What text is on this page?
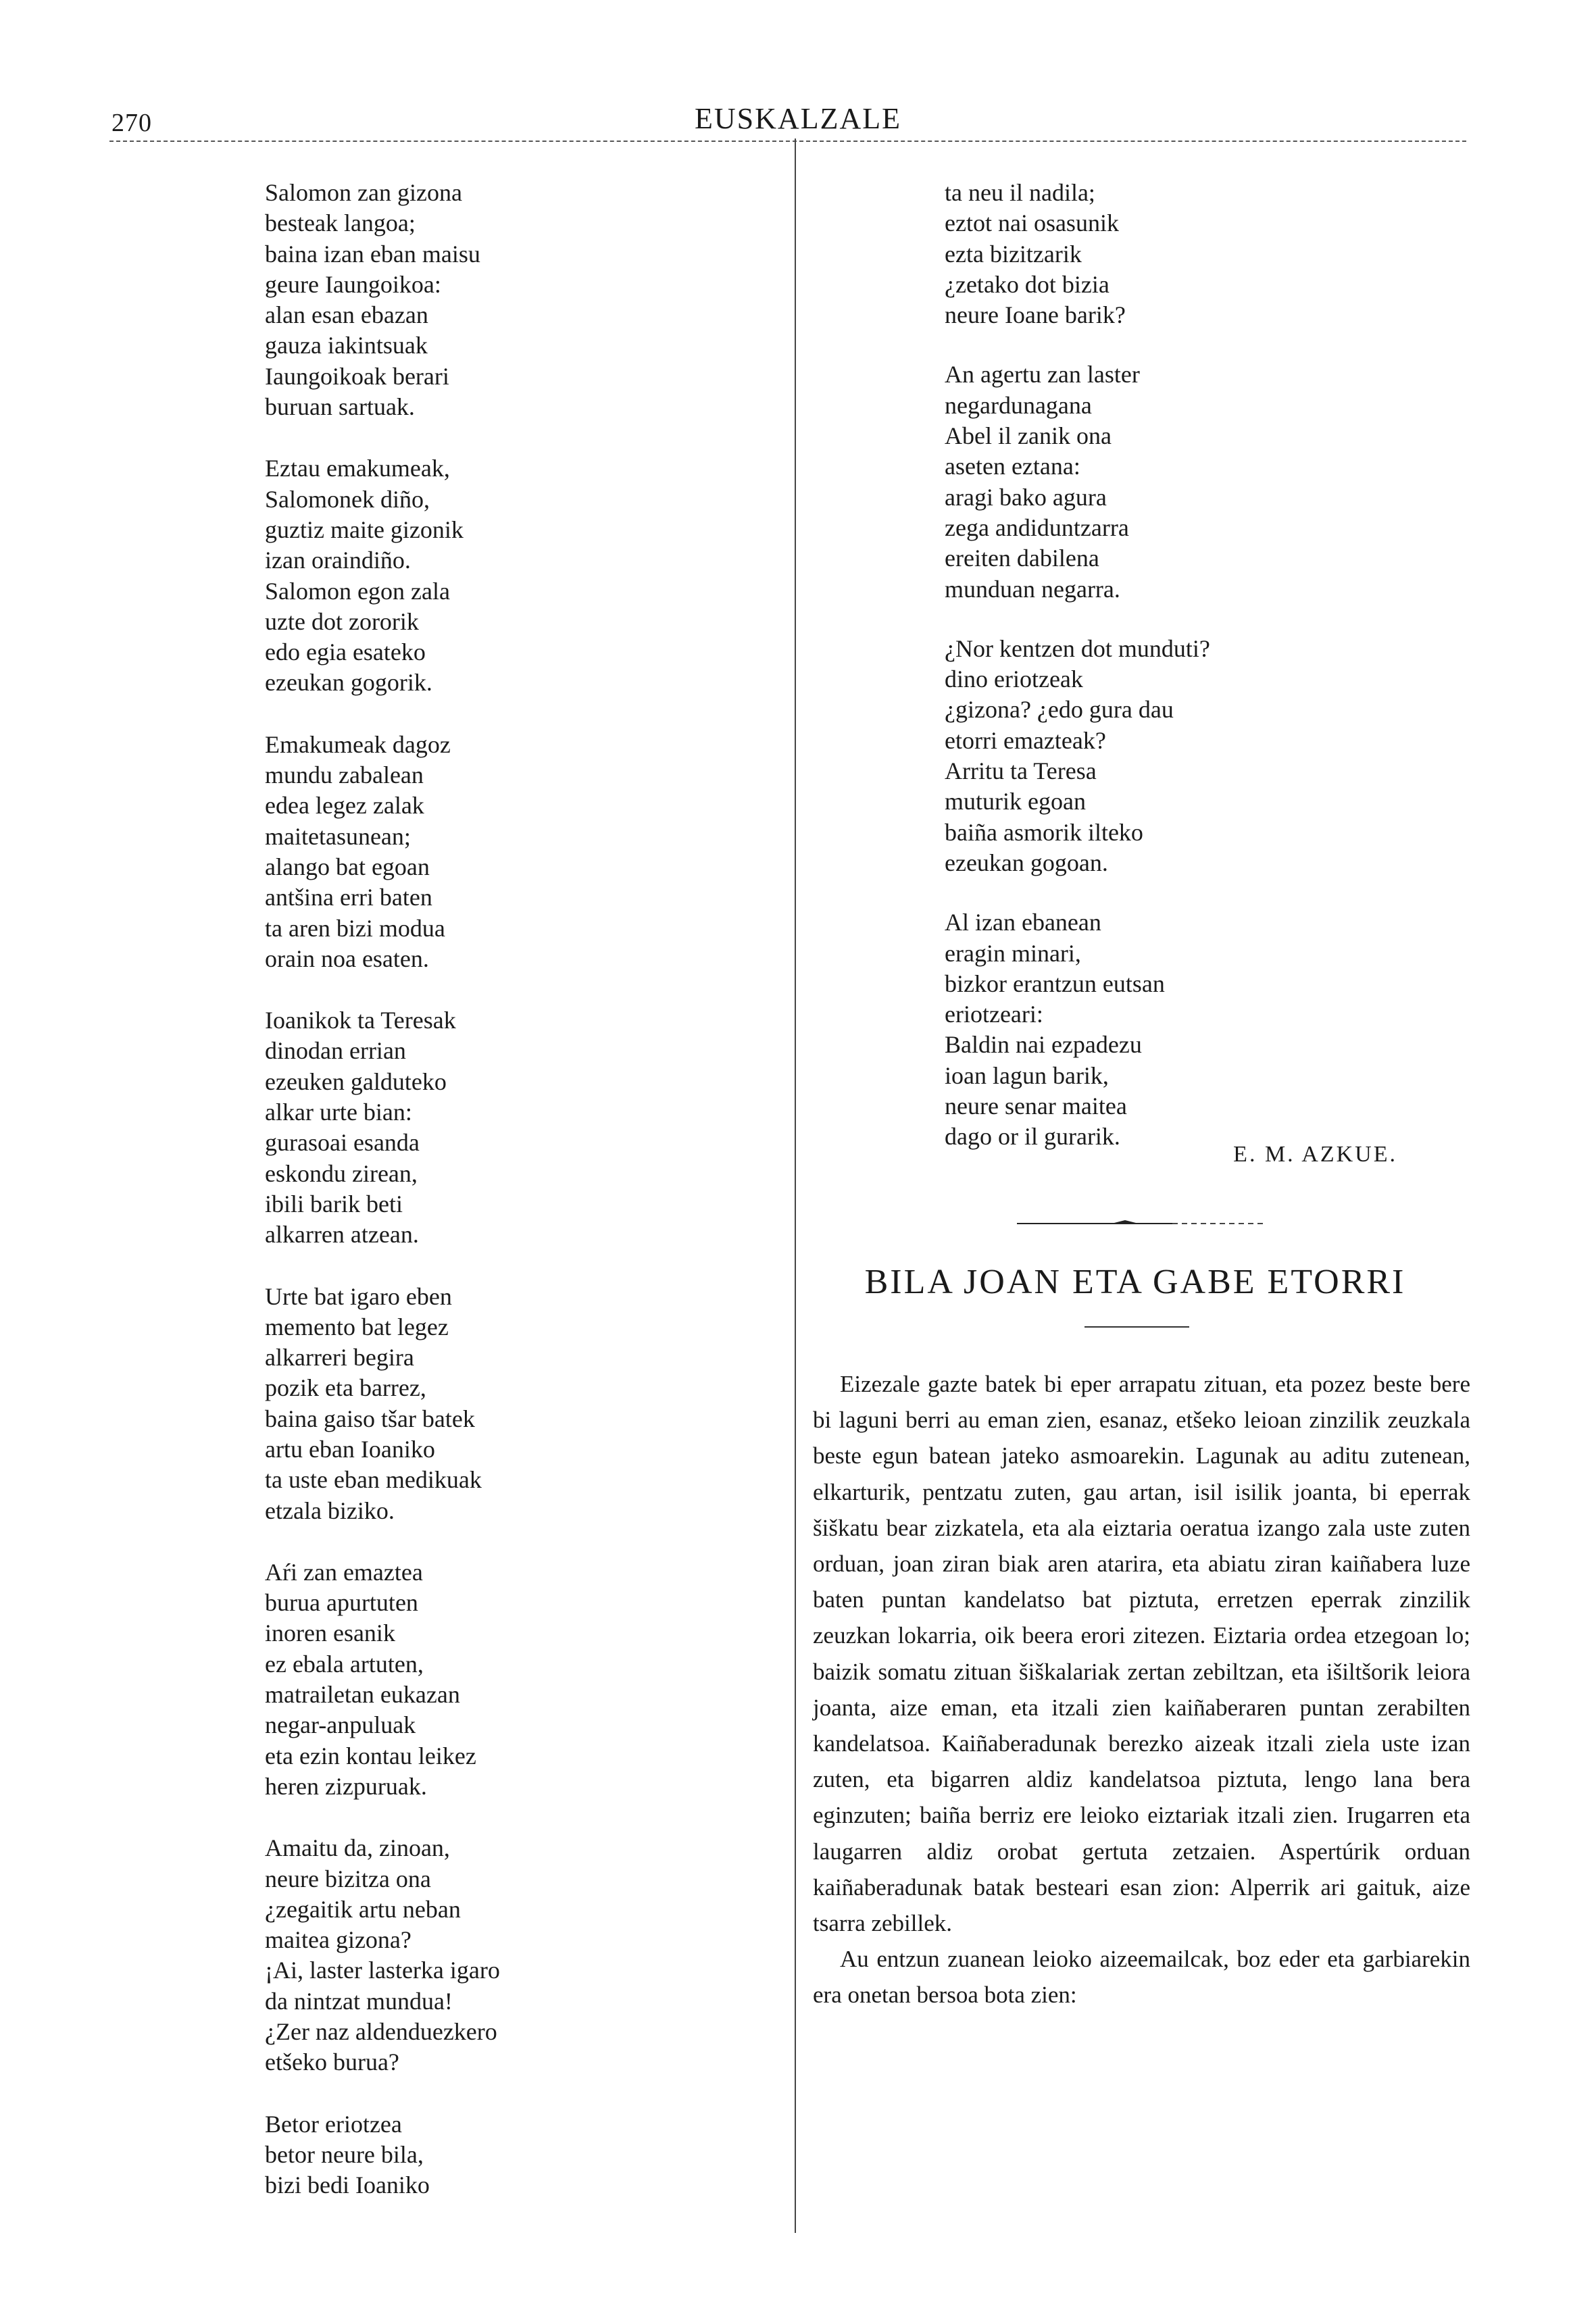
270	EUSKALZALE

Salomon zan gizona
besteak langoa;
baina izan eban maisu
geure Iaungoikoa:
alan esan ebazan
gauza iakintsuak
Iaungoikoak berari
buruan sartuak.

Eztau emakumeak,
Salomonek diño,
guztiz maite gizonik
izan oraindiño.
Salomon egon zala
uzte dot zororik
edo egia esateko
ezeukan gogorik.

Emakumeak dagoz
mundu zabalean
edea legez zalak
maitetasunean;
alango bat egoan
antšina erri baten
ta aren bizi modua
orain noa esaten.

Ioanikok ta Teresak
dinodan errian
ezeuken galduteko
alkar urte bian:
gurasoai esanda
eskondu zirean,
ibili barik beti
alkarren atzean.

Urte bat igaro eben
memento bat legez
alkarreri begira
pozik eta barrez,
baina gaiso tšar batek
artu eban Ioaniko
ta uste eban medikuak
etzala biziko.

Aŕi zan emaztea
burua apurtuten
inoren esanik
ez ebala artuten,
matrailetan eukazan
negar-anpuluak
eta ezin kontau leikez
heren zizpuruak.

Amaitu da, zinoan,
neure bizitza ona
¿zegaitik artu neban
maitea gizona?
¡Ai, laster lasterka igaro
da nintzat mundua!
¿Zer naz aldenduezkero
etšeko burua?

Betor eriotzea
betor neure bila,
bizi bedi Ioaniko

ta neu il nadila;
eztot nai osasunik
ezta bizitzarik
¿zetako dot bizia
neure Ioane barik?

An agertu zan laster
negardunagana
Abel il zanik ona
aseten eztana:
aragi bako agura
zega andiduntzarra
ereiten dabilena
munduan negarra.

¿Nor kentzen dot munduti?
dino eriotzeak
¿gizona? ¿edo gura dau
etorri emazteak?
Arritu ta Teresa
muturik egoan
baiña asmorik ilteko
ezeukan gogoan.

Al izan ebanean
eragin minari,
bizkor erantzun eutsan
eriotzeari:
Baldin nai ezpadezu
ioan lagun barik,
neure senar maitea
dago or il gurarik.

E. M. AZKUE.
BILA JOAN ETA GABE ETORRI

Eizezale gazte batek bi eper arrapatu zituan, eta pozez beste bere bi laguni berri au eman zien, esanaz, etšeko leioan zinzilik zeuzkala beste egun batean jateko asmoarekin. Lagunak au aditu zutenean, elkarturik, pentzatu zuten, gau artan, isil isilik joanta, bi eperrak šiškatu bear zizkatela, eta ala eiztaria oeratua izango zala uste zuten orduan, joan ziran biak aren atarira, eta abiatu ziran kaiñabera luze baten puntan kandelatso bat piztuta, erretzen eperrak zinzilik zeuzkan lokarria, oik beera erori zitezen. Eiztaria ordea etzegoan lo; baizik somatu zituan šiškalariak zertan zebiltzan, eta išiltšorik leiora joanta, aize eman, eta itzali zien kaiñaberaren puntan zerabilten kandelatsoa. Kaiñaberadunak berezko aizeak itzali ziela uste izan zuten, eta bigarren aldiz kandelatsoa piztuta, lengo lana bera eginzuten; baiña berriz ere leioko eiztariak itzali zien. Irugarren eta laugarren aldiz orobat gertuta zetzaien. Aspertúrik orduan kaiñaberadunak batak besteari esan zion: Alperrik ari gaituk, aize tsarra zebillek.

Au entzun zuanean leioko aizeemailcak, boz eder eta garbiarekin era onetan bersoa bota zien:
